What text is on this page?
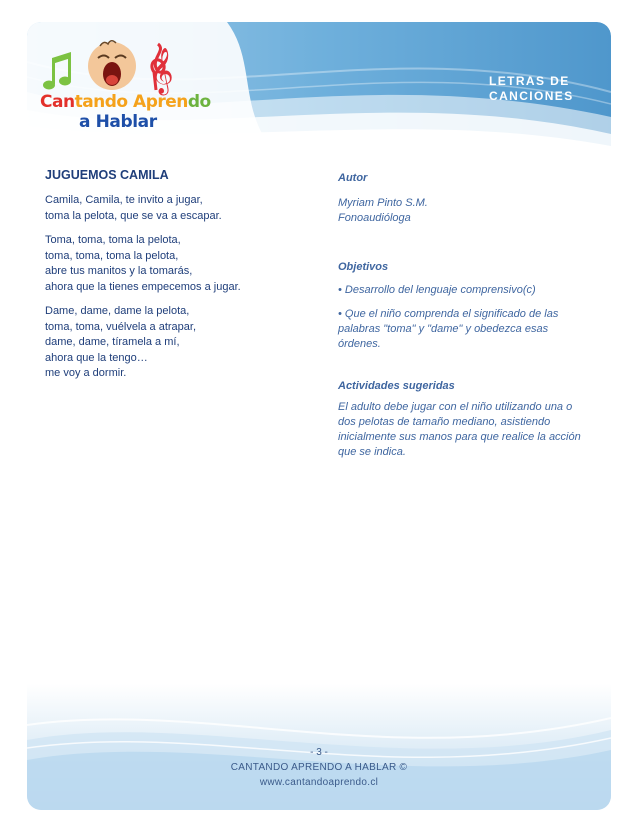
LETRAS DE
CANCIONES
𝄞
Cantando Aprendo
a Hablar
JUGUEMOS CAMILA
Camila, Camila, te invito a jugar,
toma la pelota, que se va a escapar.
Toma, toma, toma la pelota,
toma, toma, toma la pelota,
abre tus manitos y la tomarás,
ahora que la tienes empecemos a jugar.
Dame, dame, dame la pelota,
toma, toma, vuélvela a atrapar,
dame, dame, tíramela a mí,
ahora que la tengo…
me voy a dormir.
Autor
Myriam Pinto S.M.
Fonoaudióloga
Objetivos
• Desarrollo del lenguaje comprensivo(c)
• Que el niño comprenda el significado de las
palabras "toma" y "dame" y obedezca esas
órdenes.
Actividades sugeridas
El adulto debe jugar con el niño utilizando una o
dos pelotas de tamaño mediano, asistiendo
inicialmente sus manos para que realice la acción
que se indica.
- 3 -
CANTANDO APRENDO A HABLAR ©
www.cantandoaprendo.cl
